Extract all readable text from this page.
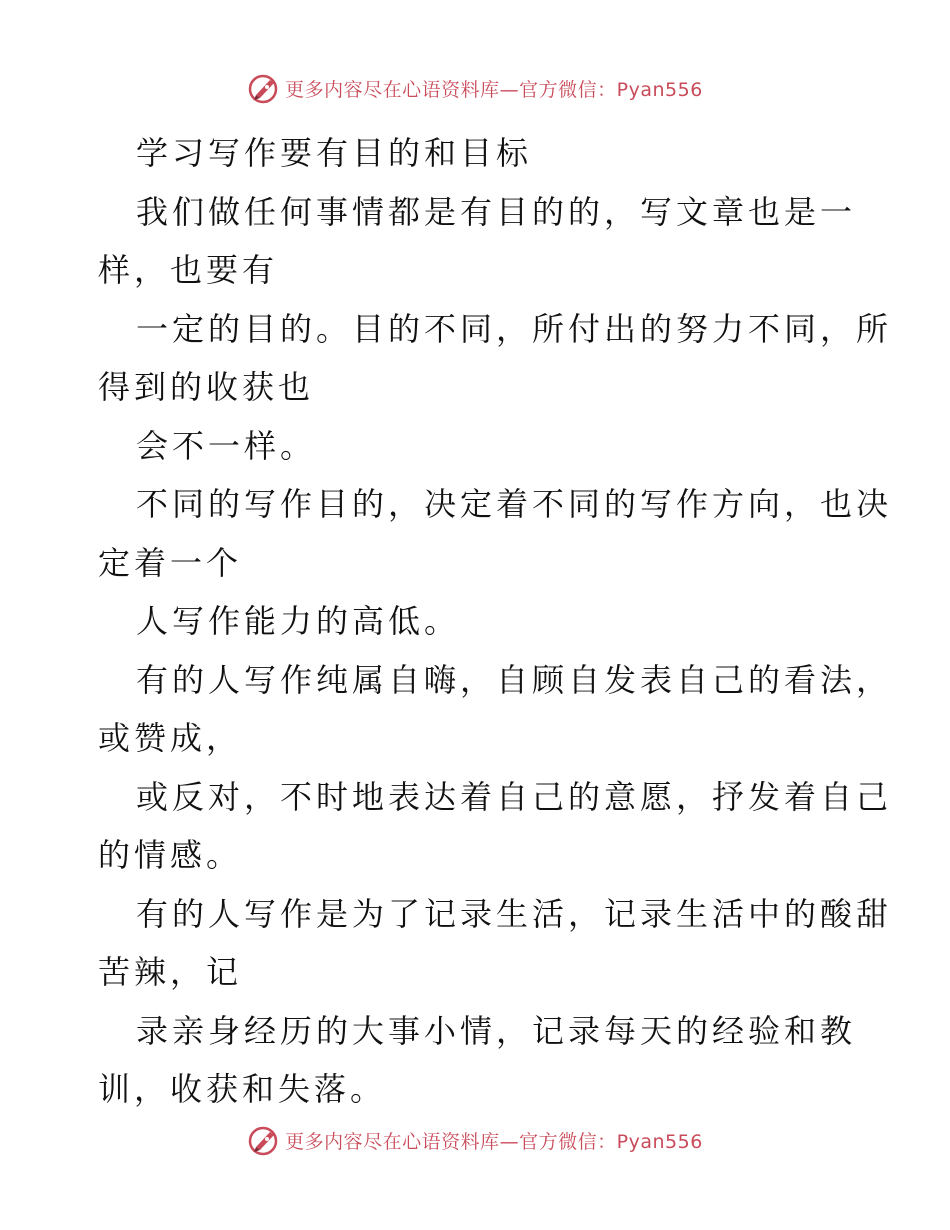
更多内容尽在心语资料库—官方微信：Pyan556

学习写作要有目的和目标

我们做任何事情都是有目的的，写文章也是一

样，也要有

一定的目的。目的不同，所付出的努力不同，所

得到的收获也

会不一样。

不同的写作目的，决定着不同的写作方向，也决

定着一个

人写作能力的高低。

有的人写作纯属自嗨，自顾自发表自己的看法，

或赞成，

或反对，不时地表达着自己的意愿，抒发着自己

的情感。

有的人写作是为了记录生活，记录生活中的酸甜

苦辣，记

录亲身经历的大事小情，记录每天的经验和教

训，收获和失落。

更多内容尽在心语资料库—官方微信：Pyan556
